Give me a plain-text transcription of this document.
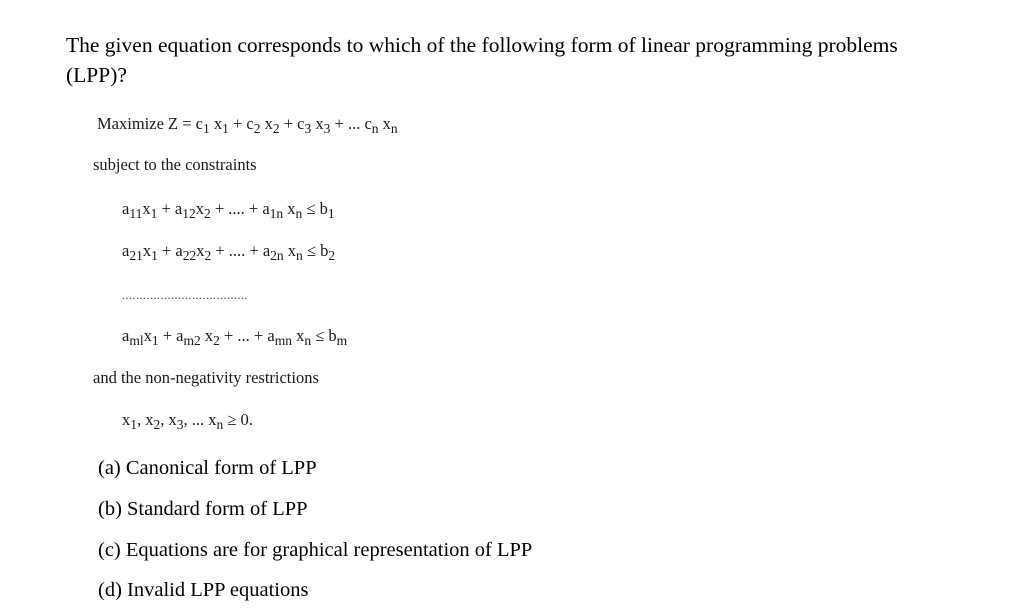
The given equation corresponds to which of the following form of linear programming problems
(LPP)?
Maximize $Z = c_1$ $x_1 + c_2$ $x_2 + c_3$ $x_3$ + ... $c_n$ $x_n$
subject to the constraints
$a_{11}x_1 + a_{12}x_2$ + .... + $a_{1n}$ $x_n \le b_1$
$a_{21}x_1 + a_{22}x_2$ + .... + $a_{2n}$ $x_n \le b_2$
....................................
$a_{ml}x_1 + a_{m2}$ $x_2$ + ... + $a_{mn}$ $x_n \le b_m$
and the non-negativity restrictions
$x_1$, $x_2$, $x_3$, ... $x_n \ge 0$.
(a) Canonical form of LPP
(b) Standard form of LPP
(c) Equations are for graphical representation of LPP
(d) Invalid LPP equations
